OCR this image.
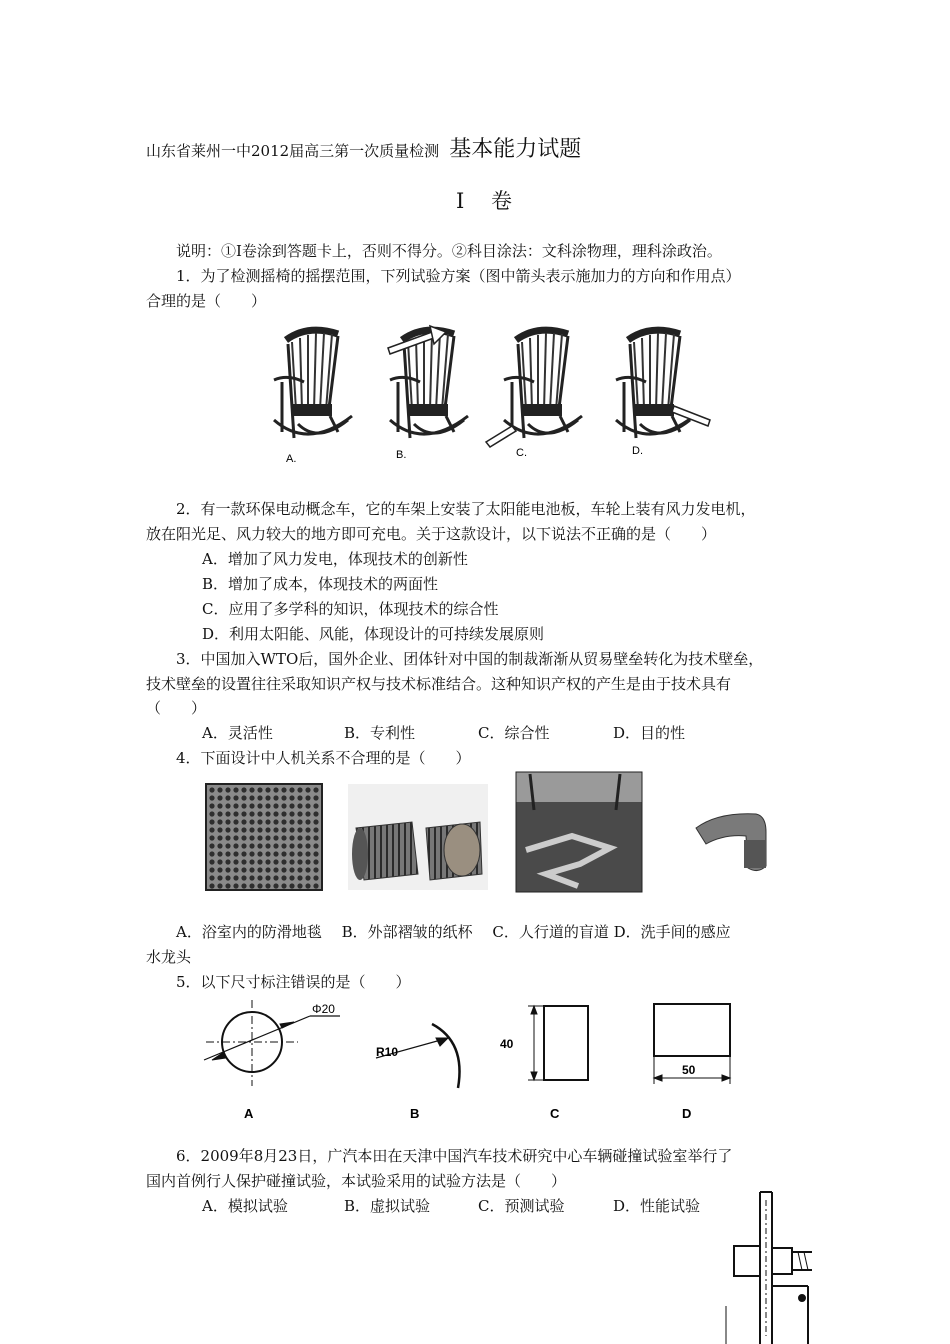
山东省莱州一中2012届高三第一次质量检测 基本能力试题
Ⅰ 卷
说明：①Ⅰ卷涂到答题卡上，否则不得分。②科目涂法：文科涂物理，理科涂政治。
1．为了检测摇椅的摇摆范围，下列试验方案（图中箭头表示施加力的方向和作用点）
合理的是（　　）
A.	B.	C.	D.
2．有一款环保电动概念车，它的车架上安装了太阳能电池板，车轮上装有风力发电机，
放在阳光足、风力较大的地方即可充电。关于这款设计，以下说法不正确的是（　　）
A．增加了风力发电，体现技术的创新性
B．增加了成本，体现技术的两面性
C．应用了多学科的知识，体现技术的综合性
D．利用太阳能、风能，体现设计的可持续发展原则
3．中国加入WTO后，国外企业、团体针对中国的制裁渐渐从贸易壁垒转化为技术壁垒，
技术壁垒的设置往往采取知识产权与技术标准结合。这种知识产权的产生是由于技术具有
（　　）
A．灵活性	B．专利性	C．综合性	D．目的性
4．下面设计中人机关系不合理的是（　　）
A．浴室内的防滑地毯　 B．外部褶皱的纸杯　 C．人行道的盲道 D．洗手间的感应
水龙头
5．以下尺寸标注错误的是（　　）
Φ20
R10
40
50
A	B	C	D
6．2009年8月23日，广汽本田在天津中国汽车技术研究中心车辆碰撞试验室举行了
国内首例行人保护碰撞试验，本试验采用的试验方法是（　　）
A．模拟试验	B．虚拟试验	C．预测试验	D．性能试验
